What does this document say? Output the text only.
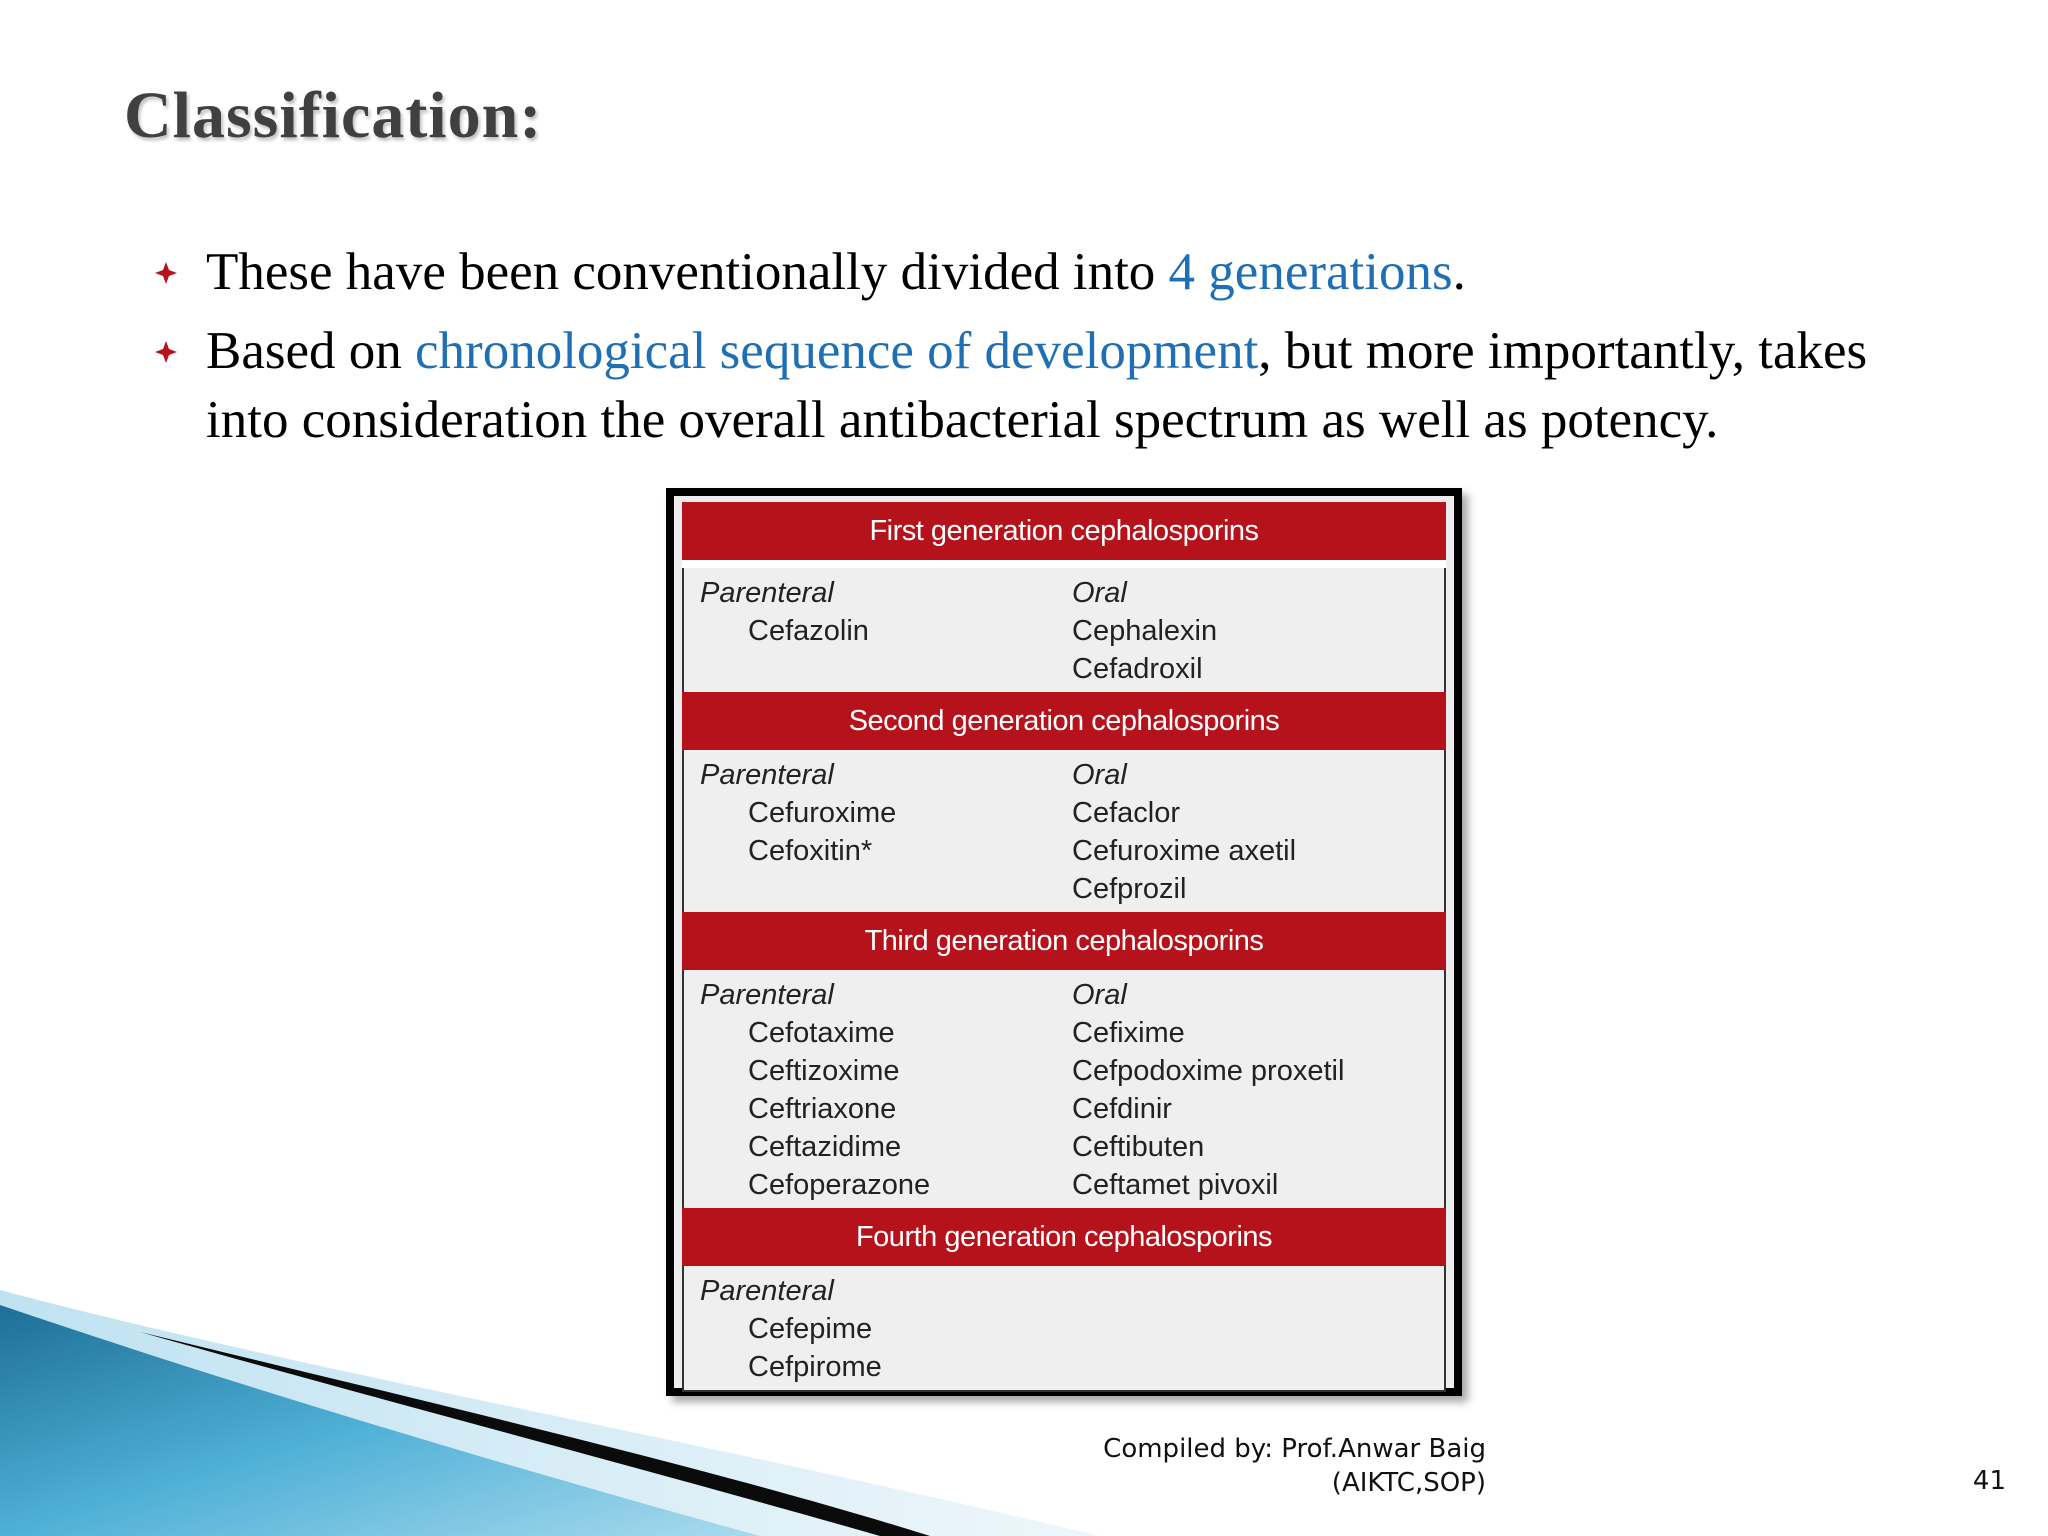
Classification:
These have been conventionally divided into 4 generations.
Based on chronological sequence of development, but more importantly, takes into consideration the overall antibacterial spectrum as well as potency.
First generation cephalosporins
Parenteral
Cefazolin
Oral
Cephalexin
Cefadroxil
Second generation cephalosporins
Parenteral
Cefuroxime
Cefoxitin*
Oral
Cefaclor
Cefuroxime axetil
Cefprozil
Third generation cephalosporins
Parenteral
Cefotaxime
Ceftizoxime
Ceftriaxone
Ceftazidime
Cefoperazone
Oral
Cefixime
Cefpodoxime proxetil
Cefdinir
Ceftibuten
Ceftamet pivoxil
Fourth generation cephalosporins
Parenteral
Cefepime
Cefpirome
Compiled by: Prof.Anwar Baig
(AIKTC,SOP)	41
